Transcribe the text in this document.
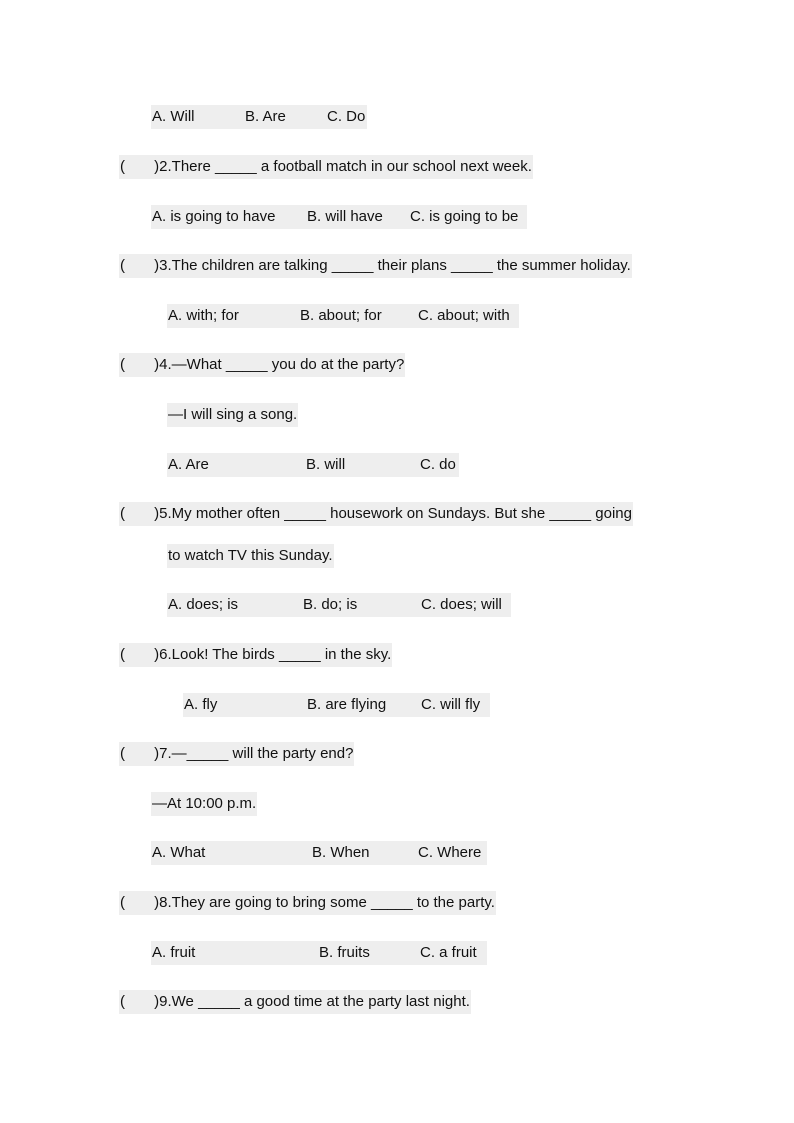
A. Will	B. Are	C. Do
(       )2.There _____ a football match in our school next week.
A. is going to have	B. will have	C. is going to be
(       )3.The children are talking _____ their plans _____ the summer holiday.
A. with; for	B. about; for	C. about; with
(       )4.—What _____ you do at the party?
—I will sing a song.
A. Are	B. will	C. do
(       )5.My mother often _____ housework on Sundays. But she _____ going
to watch TV this Sunday.
A. does; is	B. do; is	C. does; will
(       )6.Look! The birds _____ in the sky.
A. fly	B. are flying	C. will fly
(       )7.—_____ will the party end?
—At 10:00 p.m.
A. What	B. When	C. Where
(       )8.They are going to bring some _____ to the party.
A. fruit	B. fruits	C. a fruit
(       )9.We _____ a good time at the party last night.
